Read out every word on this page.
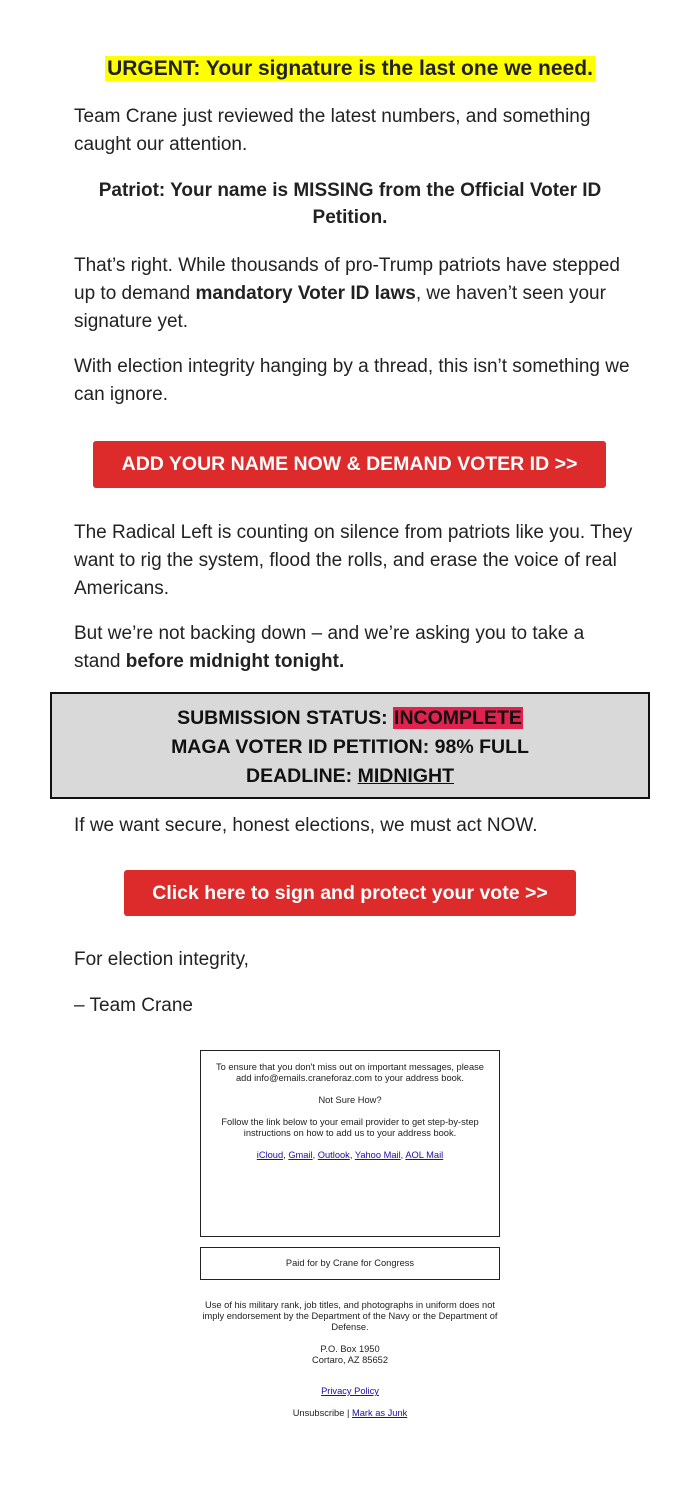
URGENT: Your signature is the last one we need.
Team Crane just reviewed the latest numbers, and something caught our attention.
Patriot: Your name is MISSING from the Official Voter ID Petition.
That’s right. While thousands of pro-Trump patriots have stepped up to demand mandatory Voter ID laws, we haven’t seen your signature yet.
With election integrity hanging by a thread, this isn’t something we can ignore.
ADD YOUR NAME NOW & DEMAND VOTER ID >>
The Radical Left is counting on silence from patriots like you. They want to rig the system, flood the rolls, and erase the voice of real Americans.
But we’re not backing down – and we’re asking you to take a stand before midnight tonight.
SUBMISSION STATUS: INCOMPLETE
MAGA VOTER ID PETITION: 98% FULL
DEADLINE: MIDNIGHT
If we want secure, honest elections, we must act NOW.
Click here to sign and protect your vote >>
For election integrity,
– Team Crane
To ensure that you don't miss out on important messages, please add info@emails.craneforaz.com to your address book.
Not Sure How?
Follow the link below to your email provider to get step-by-step instructions on how to add us to your address book.
iCloud, Gmail, Outlook, Yahoo Mail, AOL Mail
Paid for by Crane for Congress
Use of his military rank, job titles, and photographs in uniform does not imply endorsement by the Department of the Navy or the Department of Defense.
P.O. Box 1950
Cortaro, AZ 85652
Privacy Policy
Unsubscribe | Mark as Junk
